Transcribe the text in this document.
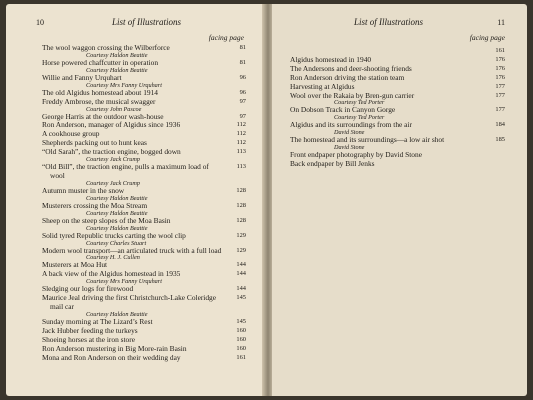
10	List of Illustrations
facing page
The wool waggon crossing the Wilberforce	81
Courtesy Haldon Beattie
Horse powered chaffcutter in operation	81
Courtesy Haldon Beattie
Willie and Fanny Urquhart	96
Courtesy Mrs Fanny Urquhart
The old Algidus homestead about 1914	96
Freddy Ambrose, the musical swagger	97
Courtesy John Pascoe
George Harris at the outdoor wash-house	97
Ron Anderson, manager of Algidus since 1936	112
A cookhouse group	112
Shepherds packing out to hunt keas	112
“Old Sarah”, the traction engine, bogged down	113
Courtesy Jack Crump
“Old Bill”, the traction engine, pulls a maximum load of	113
wool
Courtesy Jack Crump
Autumn muster in the snow	128
Courtesy Haldon Beattie
Musterers crossing the Moa Stream	128
Courtesy Haldon Beattie
Sheep on the steep slopes of the Moa Basin	128
Courtesy Haldon Beattie
Solid tyred Republic trucks carting the wool clip	129
Courtesy Charles Stuart
Modern wool transport—an articulated truck with a full load	129
Courtesy H. J. Cullen
Musterers at Moa Hut	144
A back view of the Algidus homestead in 1935	144
Courtesy Mrs Fanny Urquhart
Sledging our logs for firewood	144
Maurice Jeal driving the first Christchurch-Lake Coleridge	145
mail car
Courtesy Haldon Beattie
Sunday morning at The Lizard’s Rest	145
Jack Hubber feeding the turkeys	160
Shoeing horses at the iron store	160
Ron Anderson mustering in Big More-rain Basin	160
Mona and Ron Anderson on their wedding day	161
11
List of Illustrations
facing page
161
Algidus homestead in 1940	176
The Andersons and deer-shooting friends	176
Ron Anderson driving the station team	176
Harvesting at Algidus	177
Wool over the Rakaia by Bren-gun carrier	177
Courtesy Ted Porter
On Dobson Track in Canyon Gorge	177
Courtesy Ted Porter
Algidus and its surroundings from the air	184
David Stone
The homestead and its surroundings—a low air shot	185
David Stone
Front endpaper photography by David Stone
Back endpaper by Bill Jenks
